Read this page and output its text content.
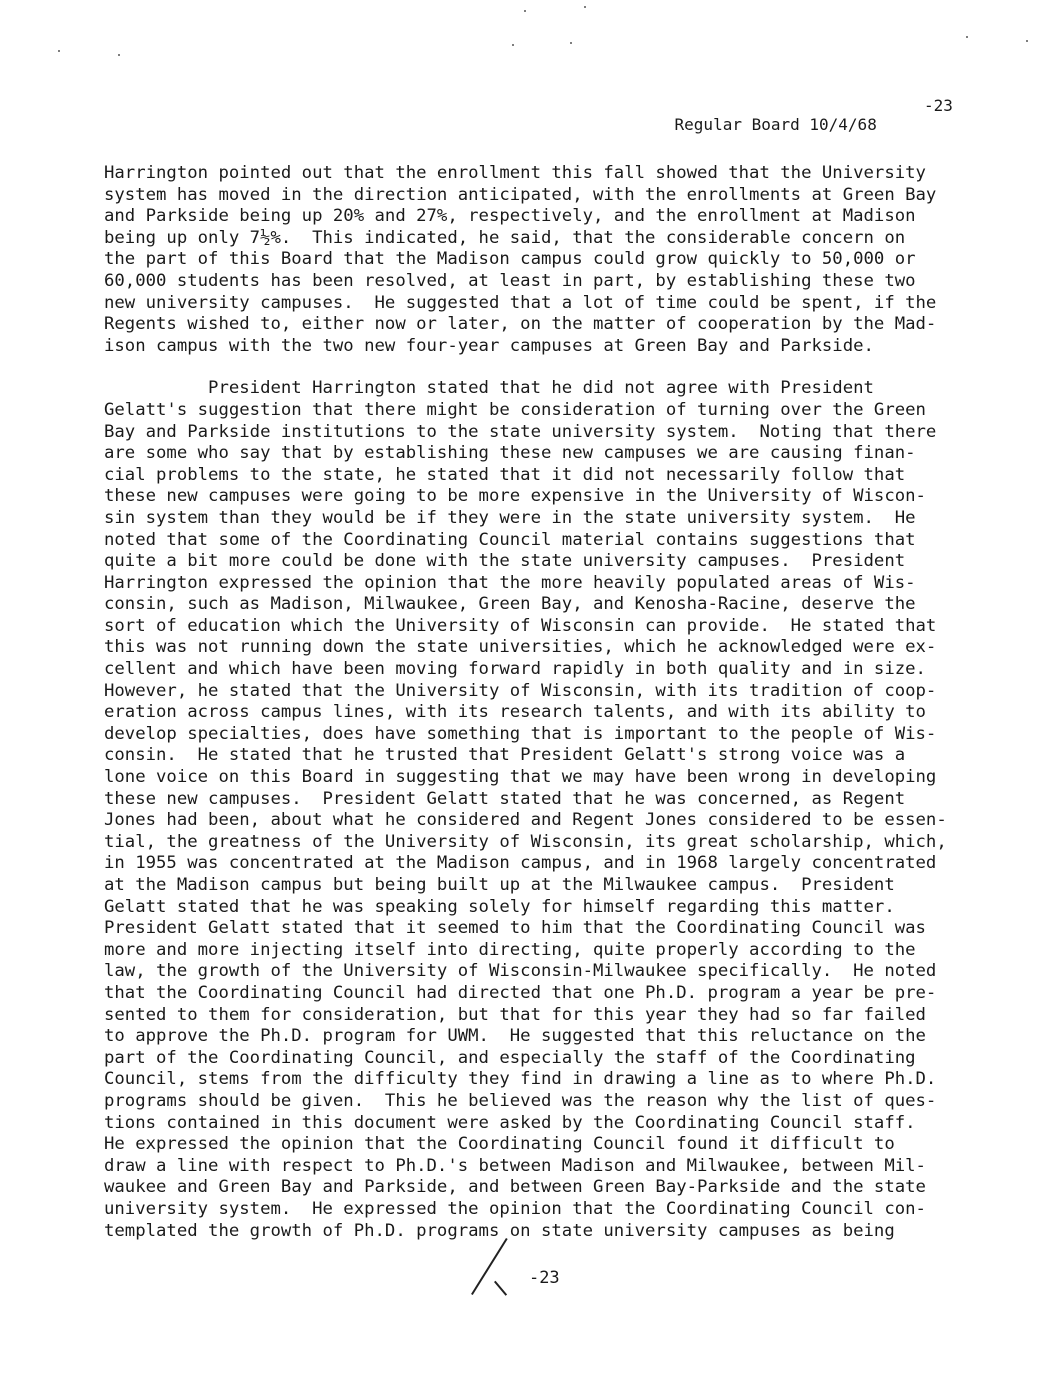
Regular Board 10/4/68

-23

Harrington pointed out that the enrollment this fall showed that the University
system has moved in the direction anticipated, with the enrollments at Green Bay
and Parkside being up 20% and 27%, respectively, and the enrollment at Madison
being up only 7½%.  This indicated, he said, that the considerable concern on
the part of this Board that the Madison campus could grow quickly to 50,000 or
60,000 students has been resolved, at least in part, by establishing these two
new university campuses.  He suggested that a lot of time could be spent, if the
Regents wished to, either now or later, on the matter of cooperation by the Mad-
ison campus with the two new four-year campuses at Green Bay and Parkside.
President Harrington stated that he did not agree with President
Gelatt's suggestion that there might be consideration of turning over the Green
Bay and Parkside institutions to the state university system.  Noting that there
are some who say that by establishing these new campuses we are causing finan-
cial problems to the state, he stated that it did not necessarily follow that
these new campuses were going to be more expensive in the University of Wiscon-
sin system than they would be if they were in the state university system.  He
noted that some of the Coordinating Council material contains suggestions that
quite a bit more could be done with the state university campuses.  President
Harrington expressed the opinion that the more heavily populated areas of Wis-
consin, such as Madison, Milwaukee, Green Bay, and Kenosha-Racine, deserve the
sort of education which the University of Wisconsin can provide.  He stated that
this was not running down the state universities, which he acknowledged were ex-
cellent and which have been moving forward rapidly in both quality and in size.
However, he stated that the University of Wisconsin, with its tradition of coop-
eration across campus lines, with its research talents, and with its ability to
develop specialties, does have something that is important to the people of Wis-
consin.  He stated that he trusted that President Gelatt's strong voice was a
lone voice on this Board in suggesting that we may have been wrong in developing
these new campuses.  President Gelatt stated that he was concerned, as Regent
Jones had been, about what he considered and Regent Jones considered to be essen-
tial, the greatness of the University of Wisconsin, its great scholarship, which,
in 1955 was concentrated at the Madison campus, and in 1968 largely concentrated
at the Madison campus but being built up at the Milwaukee campus.  President
Gelatt stated that he was speaking solely for himself regarding this matter.
President Gelatt stated that it seemed to him that the Coordinating Council was
more and more injecting itself into directing, quite properly according to the
law, the growth of the University of Wisconsin-Milwaukee specifically.  He noted
that the Coordinating Council had directed that one Ph.D. program a year be pre-
sented to them for consideration, but that for this year they had so far failed
to approve the Ph.D. program for UWM.  He suggested that this reluctance on the
part of the Coordinating Council, and especially the staff of the Coordinating
Council, stems from the difficulty they find in drawing a line as to where Ph.D.
programs should be given.  This he believed was the reason why the list of ques-
tions contained in this document were asked by the Coordinating Council staff.
He expressed the opinion that the Coordinating Council found it difficult to
draw a line with respect to Ph.D.'s between Madison and Milwaukee, between Mil-
waukee and Green Bay and Parkside, and between Green Bay-Parkside and the state
university system.  He expressed the opinion that the Coordinating Council con-
templated the growth of Ph.D. programs on state university campuses as being

-23
